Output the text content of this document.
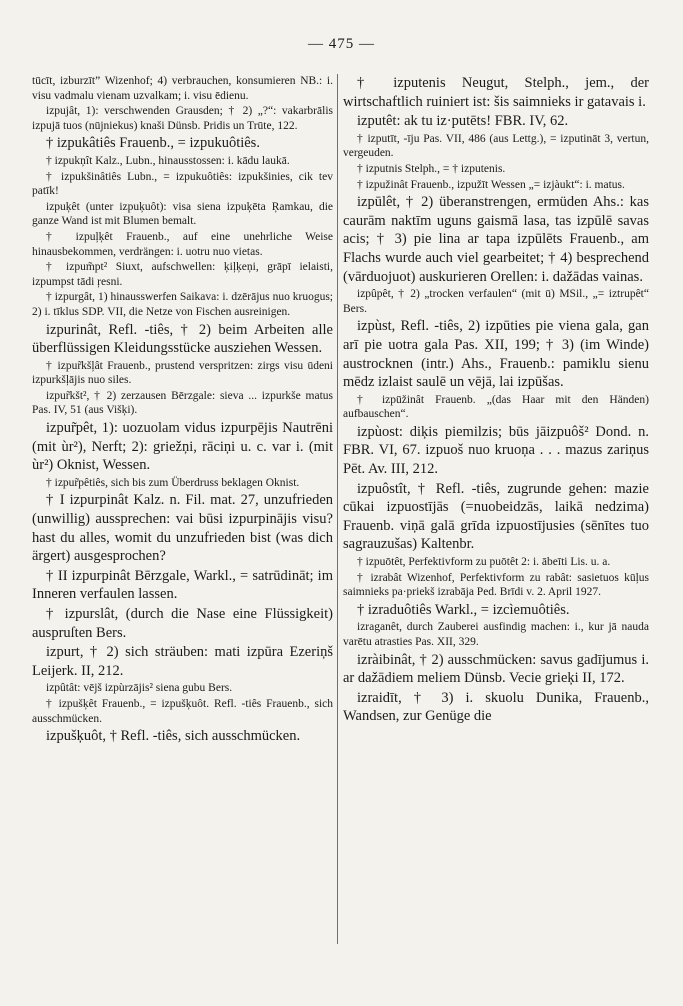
— 475 —

tūcīt, izburzīt” Wizenhof; 4) verbrauchen, konsumieren NB.: i. visu vadmalu vienam uzvalkam; i. visu ēdienu.

izpujât, 1): verschwenden Grausden; † 2) „?“: vakarbrālis izpujā tuos (nūjniekus) knaši Dünsb. Pridis un Trūte, 122.

† izpukâtiês Frauenb., = izpukuôtiês.

† izpukņît Kalz., Lubn., hinausstossen: i. kādu laukā.

† izpukšinâtiês Lubn., = izpukuôtiês: izpukšinies, cik tev patīk!

izpuķêt (unter izpuķuôt): visa siena izpuķēta Ŗamkau, die ganze Wand ist mit Blumen bemalt.

† izpuļķêt Frauenb., auf eine unehrliche Weise hinausbekommen, verdrängen: i. uotru nuo vietas.

† izpum̃pt² Siuxt, aufschwellen: ķiļķeņi, grāpī ielaisti, izpumpst tādi ŗesni.

† izpurgât, 1) hinausswerfen Saikava: i. dzērājus nuo kruogus; 2) i. tīklus SDP. VII, die Netze von Fischen ausreinigen.

izpurinât, Refl. -tiês, † 2) beim Arbeiten alle überflüssigen Kleidungsstücke ausziehen Wessen.

† izpur̃kšļât Frauenb., prustend verspritzen: zirgs visu ūdeni izpurkšļājis nuo siles.

izpur̃kšt², † 2) zerzausen Bērzgale: sieva ... izpurkše matus Pas. IV, 51 (aus Višķi).

izpur̃pêt, 1): uozuolam vidus izpurpējis Nautrēni (mit ùr²), Nerft; 2): griežņi, rāciņi u. c. var i. (mit ùr²) Oknist, Wessen.

† izpur̃pêtiês, sich bis zum Überdruss beklagen Oknist.

† I izpurpinât Kalz. n. Fil. mat. 27, unzufrieden (unwillig) aussprechen: vai būsi izpurpinājis visu? hast du alles, womit du unzufrieden bist (was dich ärgert) ausgesprochen?

† II izpurpinât Bērzgale, Warkl., = satrūdināt; im Inneren verfaulen lassen.

† izpurslât, (durch die Nase eine Flüssigkeit) auspruſten Bers.

izpurt, † 2) sich sträuben: mati izpūra Ezeriņš Leijerk. II, 212.

izpûtât: vējš izpùrzājis² siena gubu Bers.

† izpušķêt Frauenb., = izpušķuôt. Refl. -tiês Frauenb., sich ausschmücken.

izpušķuôt, † Refl. -tiês, sich ausschmücken.

† izputenis Neugut, Stelph., jem., der wirtschaftlich ruiniert ist: šis saimnieks ir gatavais i.

izputêt: ak tu iz·putēts! FBR. IV, 62.

† izputīt, -īju Pas. VII, 486 (aus Lettg.), = izputināt 3, vertun, vergeuden.

† izputnis Stelph., = † izputenis.

† izpužinât Frauenb., izpužīt Wessen „= izjàukt“: i. matus.

izpūlêt, † 2) überanstrengen, ermüden Ahs.: kas caurām naktīm uguns gaismā lasa, tas izpūlē savas acis; † 3) pie lina ar tapa izpūlēts Frauenb., am Flachs wurde auch viel gearbeitet; † 4) besprechend (vārduojuot) auskurieren Orellen: i. dažādas vainas.

izpûpêt, † 2) „trocken verfaulen“ (mit ū) MSil., „= iztrupêt“ Bers.

izpùst, Refl. -tiês, 2) izpūties pie viena gala, gan arī pie uotra gala Pas. XII, 199; † 3) (im Winde) austrocknen (intr.) Ahs., Frauenb.: pamiklu sienu mēdz izlaist saulē un vējā, lai izpūšas.

† izpūžinât Frauenb. „(das Haar mit den Händen) aufbauschen“.

izpùost: diķis piemilzis; būs jāizpuôš² Dond. n. FBR. VI, 67. izpuoš nuo kruoņa . . . mazus zariņus Pēt. Av. III, 212.

izpuôstît, † Refl. -tiês, zugrunde gehen: mazie cūkai izpuostījās (=nuobeidzās, laikā nedzima) Frauenb. viņā galā grīda izpuostījusies (sēnītes tuo sagrauzušas) Kaltenbr.

† izpuōtêt, Perfektivform zu puōtêt 2: i. ābeīti Lis. u. a.

† izrabât Wizenhof, Perfektivform zu rabât: sasietuos kūļus saimnieks pa·priekš izrabāja Ped. Brīdi v. 2. April 1927.

† izraduôtiês Warkl., = izcìemuôtiês.

izraganêt, durch Zauberei ausfindig machen: i., kur jā nauda varētu atrasties Pas. XII, 329.

izràibinât, † 2) ausschmücken: savus gadījumus i. ar dažādiem meliem Dünsb. Vecie grieķi II, 172.

izraidīt, † 3) i. skuolu Dunika, Frauenb., Wandsen, zur Genüge die
